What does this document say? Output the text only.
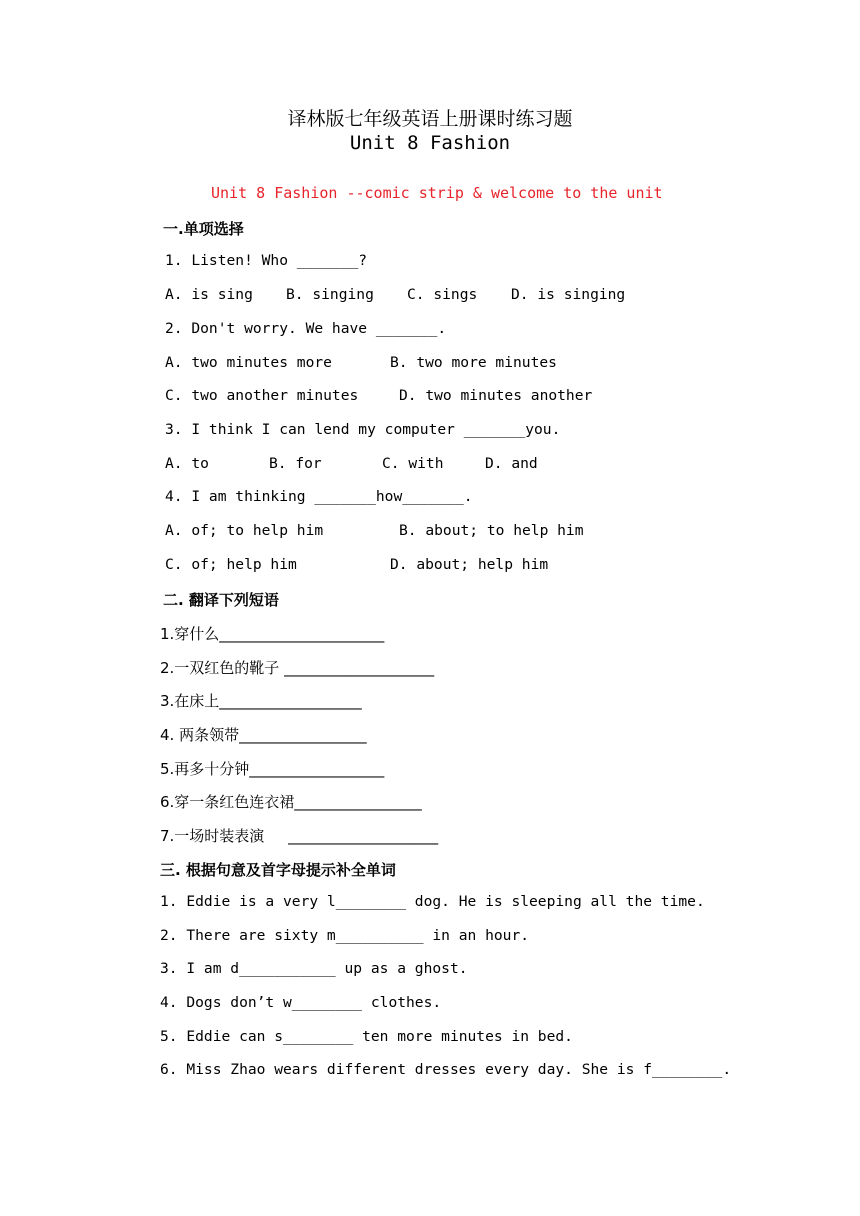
译林版七年级英语上册课时练习题
Unit 8 Fashion
Unit 8 Fashion --comic strip & welcome to the unit
一.单项选择
1. Listen! Who _______?
A. is sing B. singing C. sings D. is singing
2. Don't worry. We have _______.
A. two minutes more	B. two more minutes
C. two another minutes	D. two minutes another
3. I think I can lend my computer _______you.
A. to	B. for	C. with	D. and
4. I am thinking _______how_______.
A. of; to help him	B. about; to help him
C. of; help him	D. about; help him
二. 翻译下列短语
1.穿什么______________________
2.一双红色的靴子 ____________________
3.在床上___________________
4. 两条领带_________________
5.再多十分钟__________________
6.穿一条红色连衣裙_________________
7.一场时装表演     ____________________
三. 根据句意及首字母提示补全单词
1. Eddie is a very l________ dog. He is sleeping all the time.
2. There are sixty m__________ in an hour.
3. I am d___________ up as a ghost.
4. Dogs don’t w________ clothes.
5. Eddie can s________ ten more minutes in bed.
6. Miss Zhao wears different dresses every day. She is f________.
